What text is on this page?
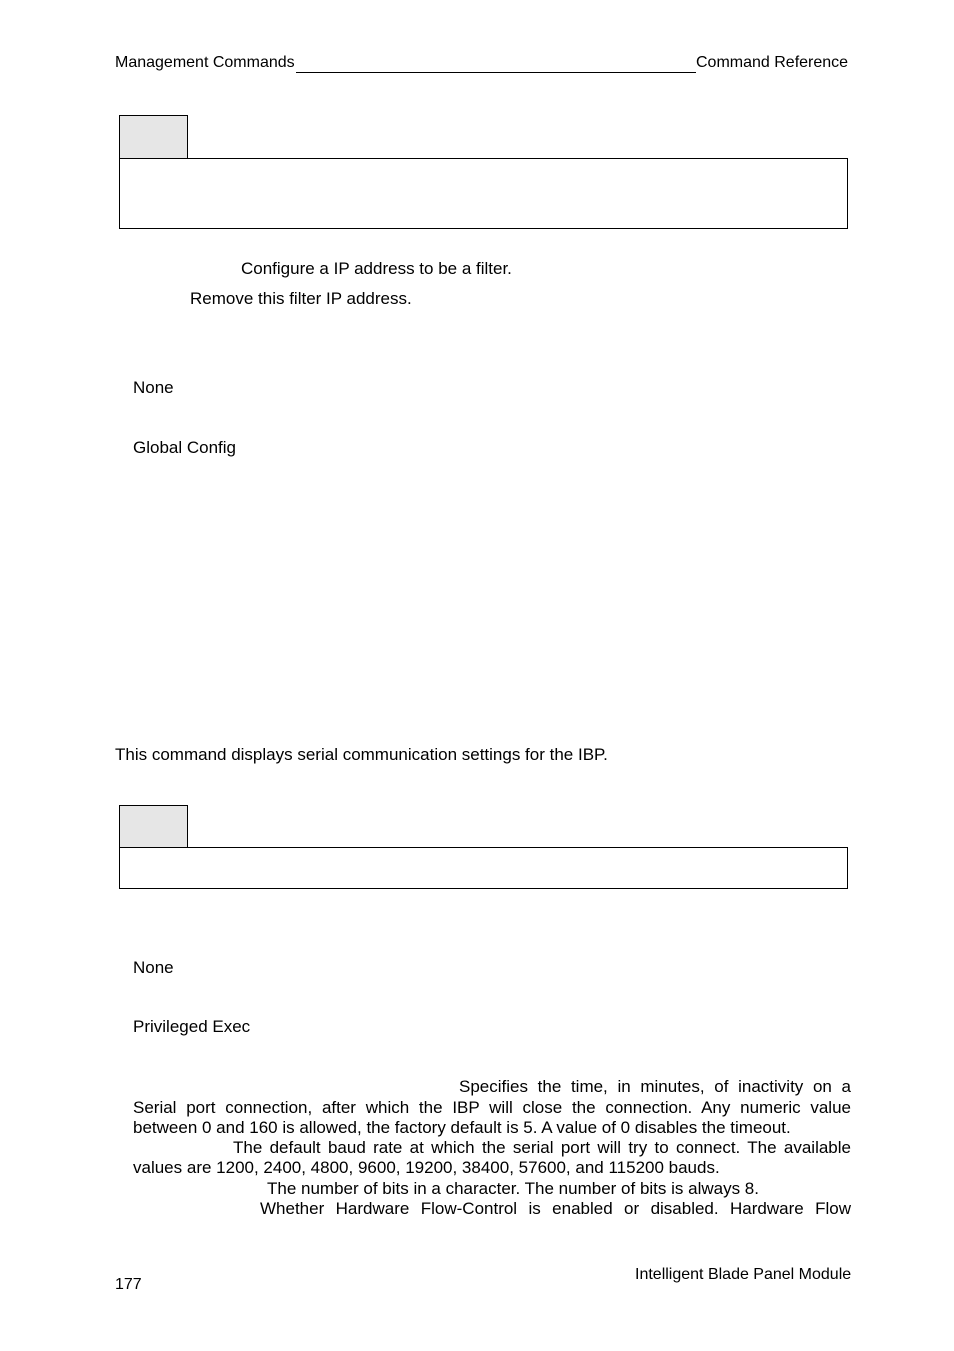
Management Commands	Command Reference
Configure a IP address to be a filter.
Remove this filter IP address.
None
Global Config
This command displays serial communication settings for the IBP.
None
Privileged Exec
Specifies the time, in minutes, of inactivity on a
Serial port connection, after which the IBP will close the connection. Any numeric value
between 0 and 160 is allowed, the factory default is 5. A value of 0 disables the timeout.
The default baud rate at which the serial port will try to connect. The available
values are 1200, 2400, 4800, 9600, 19200, 38400, 57600, and 115200 bauds.
The number of bits in a character. The number of bits is always 8.
Whether Hardware Flow-Control is enabled or disabled. Hardware Flow
177
Intelligent Blade Panel Module
